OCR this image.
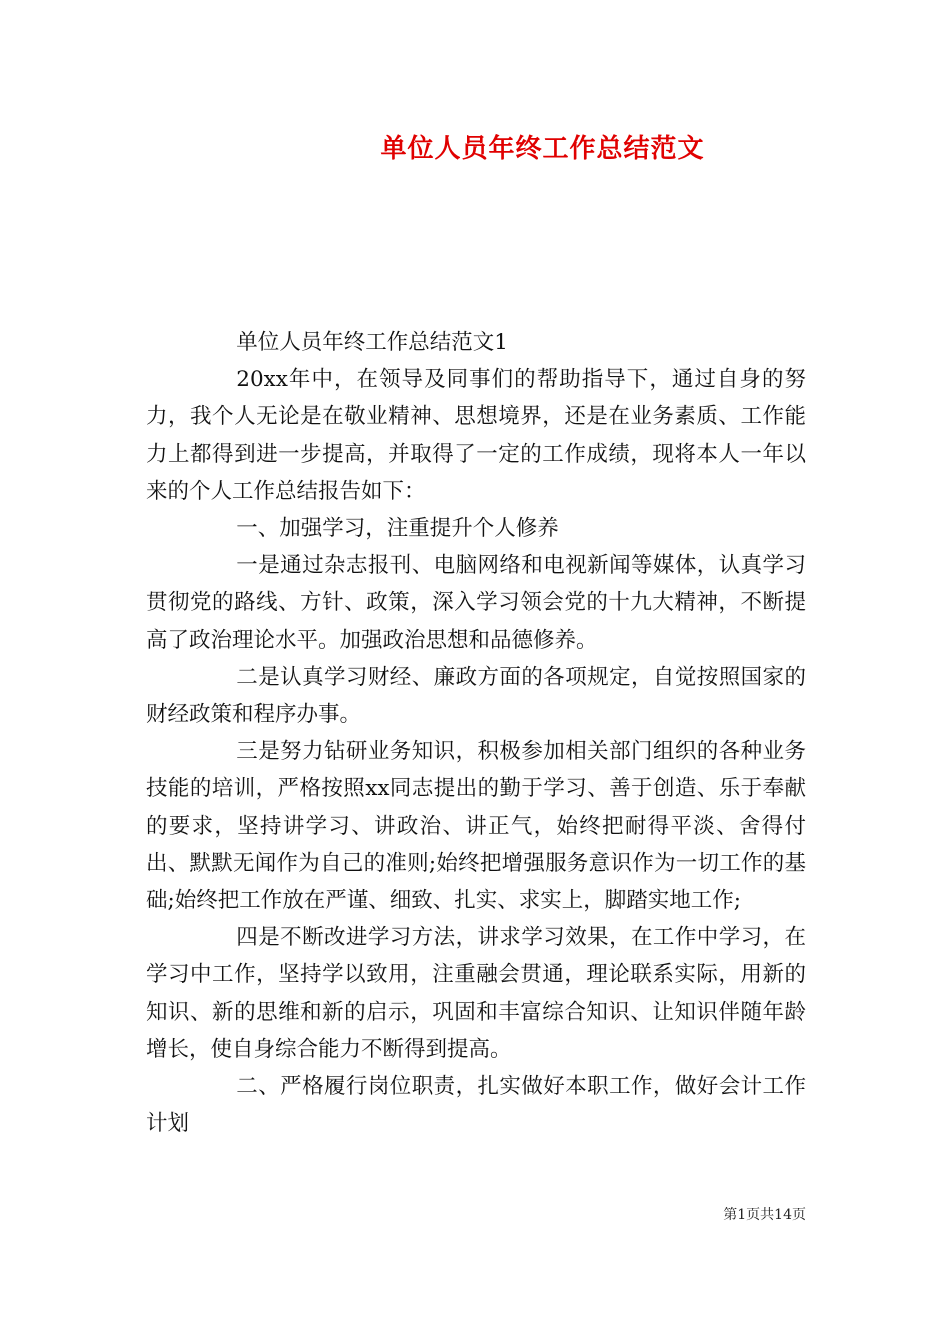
单位人员年终工作总结范文

单位人员年终工作总结范文1

20xx年中，在领导及同事们的帮助指导下，通过自身的努力，我个人无论是在敬业精神、思想境界，还是在业务素质、工作能力上都得到进一步提高，并取得了一定的工作成绩，现将本人一年以来的个人工作总结报告如下：

一、加强学习，注重提升个人修养

一是通过杂志报刊、电脑网络和电视新闻等媒体，认真学习贯彻党的路线、方针、政策，深入学习领会党的十九大精神，不断提高了政治理论水平。加强政治思想和品德修养。

二是认真学习财经、廉政方面的各项规定，自觉按照国家的财经政策和程序办事。

三是努力钻研业务知识，积极参加相关部门组织的各种业务技能的培训，严格按照xx同志提出的勤于学习、善于创造、乐于奉献的要求，坚持讲学习、讲政治、讲正气，始终把耐得平淡、舍得付出、默默无闻作为自己的准则;始终把增强服务意识作为一切工作的基础;始终把工作放在严谨、细致、扎实、求实上，脚踏实地工作;

四是不断改进学习方法，讲求学习效果，在工作中学习，在学习中工作，坚持学以致用，注重融会贯通，理论联系实际，用新的知识、新的思维和新的启示，巩固和丰富综合知识、让知识伴随年龄增长，使自身综合能力不断得到提高。

二、严格履行岗位职责，扎实做好本职工作，做好会计工作计划

第1页共14页
